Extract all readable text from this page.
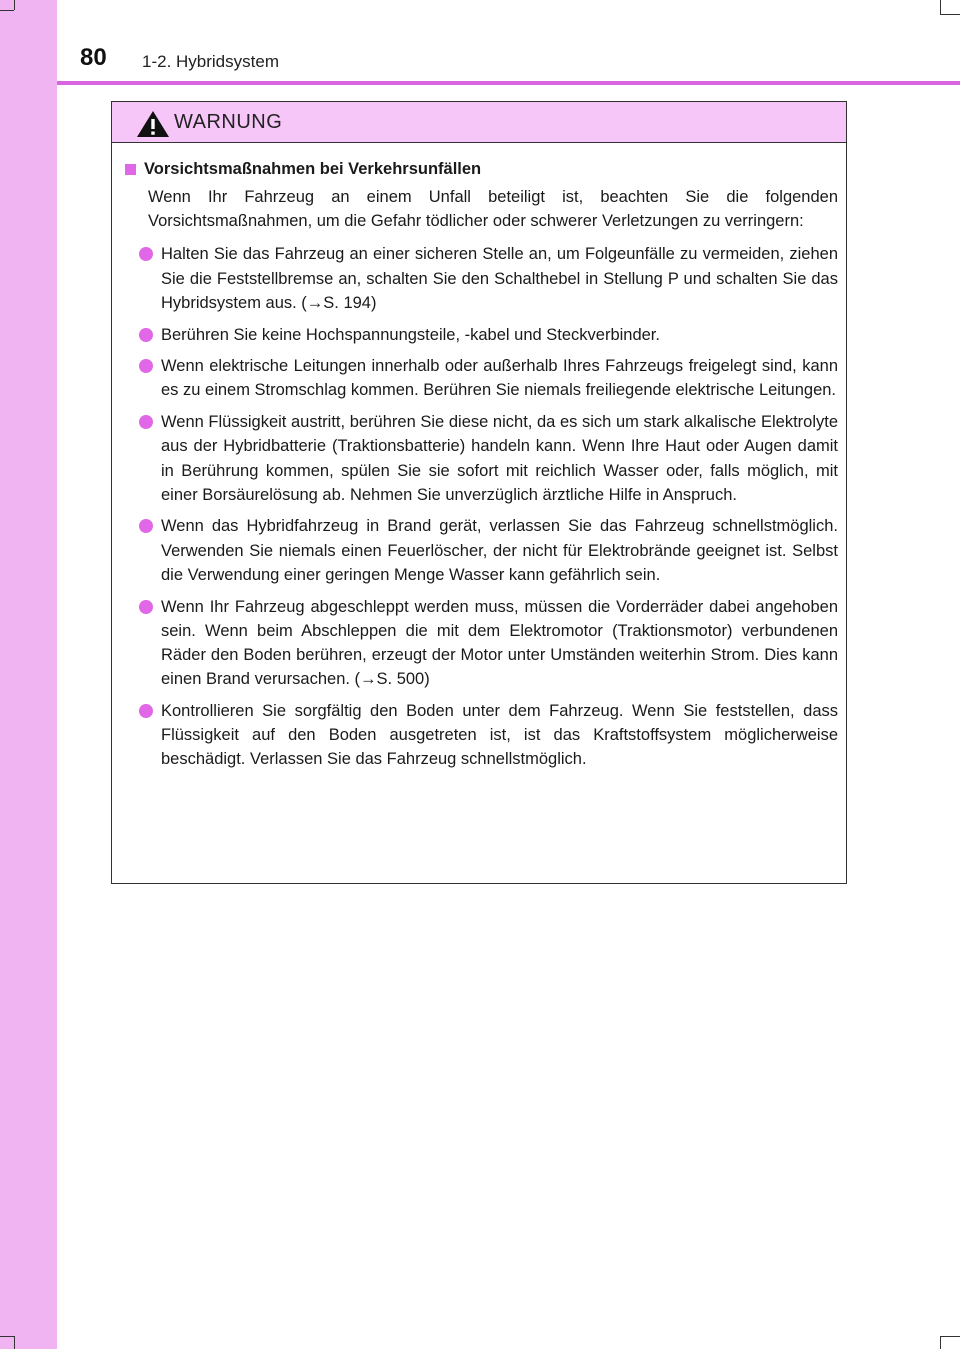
80 1-2. Hybridsystem
WARNUNG
Vorsichtsmaßnahmen bei Verkehrsunfällen

Wenn Ihr Fahrzeug an einem Unfall beteiligt ist, beachten Sie die folgenden Vorsichtsmaßnahmen, um die Gefahr tödlicher oder schwerer Verletzungen zu verringern:

Halten Sie das Fahrzeug an einer sicheren Stelle an, um Folgeunfälle zu vermeiden, ziehen Sie die Feststellbremse an, schalten Sie den Schalthebel in Stellung P und schalten Sie das Hybridsystem aus. (→S. 194)
Berühren Sie keine Hochspannungsteile, -kabel und Steckverbinder.
Wenn elektrische Leitungen innerhalb oder außerhalb Ihres Fahrzeugs freigelegt sind, kann es zu einem Stromschlag kommen. Berühren Sie niemals freiliegende elektrische Leitungen.
Wenn Flüssigkeit austritt, berühren Sie diese nicht, da es sich um stark alkalische Elektrolyte aus der Hybridbatterie (Traktionsbatterie) handeln kann. Wenn Ihre Haut oder Augen damit in Berührung kommen, spülen Sie sie sofort mit reichlich Wasser oder, falls möglich, mit einer Borsäurelösung ab. Nehmen Sie unverzüglich ärztliche Hilfe in Anspruch.
Wenn das Hybridfahrzeug in Brand gerät, verlassen Sie das Fahrzeug schnellstmöglich. Verwenden Sie niemals einen Feuerlöscher, der nicht für Elektrobrände geeignet ist. Selbst die Verwendung einer geringen Menge Wasser kann gefährlich sein.
Wenn Ihr Fahrzeug abgeschleppt werden muss, müssen die Vorderräder dabei angehoben sein. Wenn beim Abschleppen die mit dem Elektromotor (Traktionsmotor) verbundenen Räder den Boden berühren, erzeugt der Motor unter Umständen weiterhin Strom. Dies kann einen Brand verursachen. (→S. 500)
Kontrollieren Sie sorgfältig den Boden unter dem Fahrzeug. Wenn Sie feststellen, dass Flüssigkeit auf den Boden ausgetreten ist, ist das Kraftstoffsystem möglicherweise beschädigt. Verlassen Sie das Fahrzeug schnellstmöglich.
